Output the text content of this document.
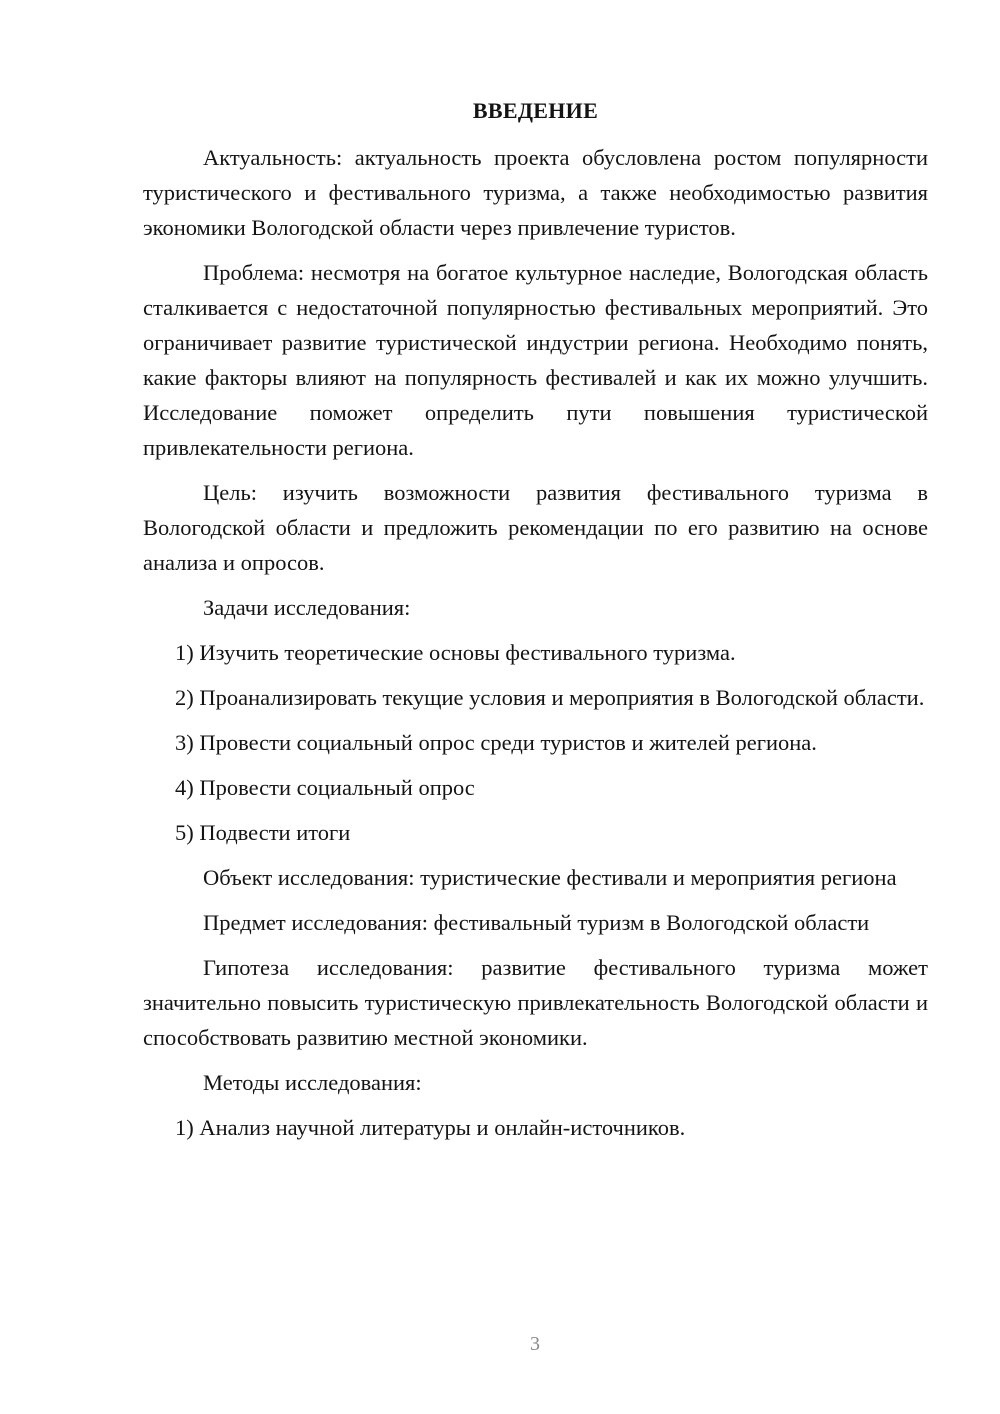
ВВЕДЕНИЕ

Актуальность: актуальность проекта обусловлена ростом популярности туристического и фестивального туризма, а также необходимостью развития экономики Вологодской области через привлечение туристов.

Проблема: несмотря на богатое культурное наследие, Вологодская область сталкивается с недостаточной популярностью фестивальных мероприятий. Это ограничивает развитие туристической индустрии региона. Необходимо понять, какие факторы влияют на популярность фестивалей и как их можно улучшить. Исследование поможет определить пути повышения туристической привлекательности региона.

Цель: изучить возможности развития фестивального туризма в Вологодской области и предложить рекомендации по его развитию на основе анализа и опросов.

Задачи исследования:

1) Изучить теоретические основы фестивального туризма.

2) Проанализировать текущие условия и мероприятия в Вологодской области.

3) Провести социальный опрос среди туристов и жителей региона.

4) Провести социальный опрос

5) Подвести итоги

Объект исследования: туристические фестивали и мероприятия региона

Предмет исследования: фестивальный туризм в Вологодской области

Гипотеза исследования: развитие фестивального туризма может значительно повысить туристическую привлекательность Вологодской области и способствовать развитию местной экономики.

Методы исследования:

1) Анализ научной литературы и онлайн-источников.

3
